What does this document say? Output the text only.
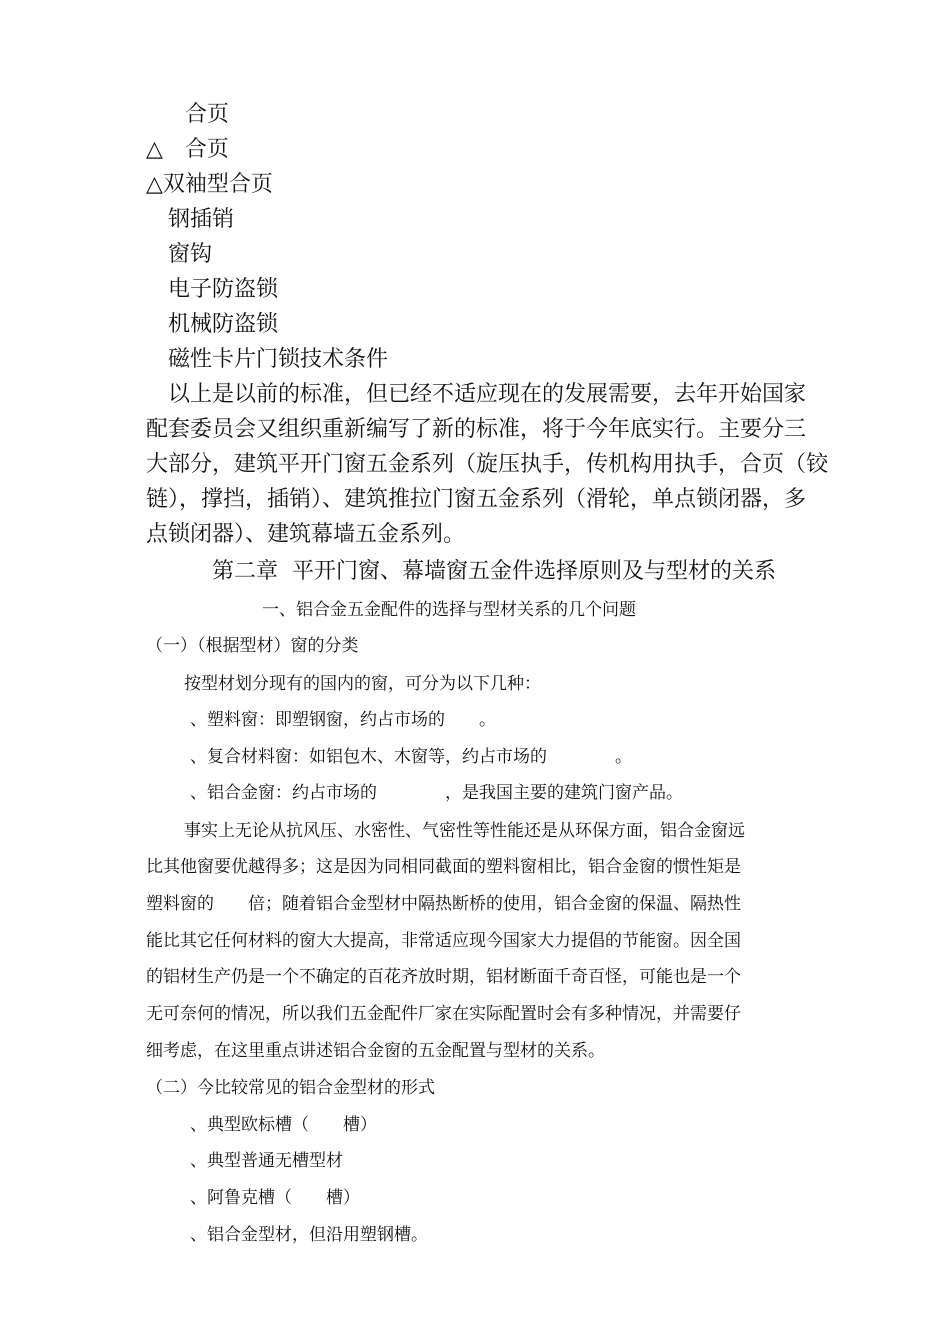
合页
△　合页
△双袖型合页
钢插销
窗钩
电子防盗锁
机械防盗锁
磁性卡片门锁技术条件
以上是以前的标准，但已经不适应现在的发展需要，去年开始国家
配套委员会又组织重新编写了新的标准，将于今年底实行。主要分三
大部分，建筑平开门窗五金系列（旋压执手，传机构用执手，合页（铰
链），撑挡，插销）、建筑推拉门窗五金系列（滑轮，单点锁闭器，多
点锁闭器）、建筑幕墙五金系列。
第二章  平开门窗、幕墙窗五金件选择原则及与型材的关系
一、铝合金五金配件的选择与型材关系的几个问题
（一）（根据型材）窗的分类
按型材划分现有的国内的窗，可分为以下几种：
、塑料窗：即塑钢窗，约占市场的　　。
、复合材料窗：如铝包木、木窗等，约占市场的　　　　。
、铝合金窗：约占市场的　　　　，是我国主要的建筑门窗产品。
事实上无论从抗风压、水密性、气密性等性能还是从环保方面，铝合金窗远
比其他窗要优越得多；这是因为同相同截面的塑料窗相比，铝合金窗的惯性矩是
塑料窗的　　倍；随着铝合金型材中隔热断桥的使用，铝合金窗的保温、隔热性
能比其它任何材料的窗大大提高，非常适应现今国家大力提倡的节能窗。因全国
的铝材生产仍是一个不确定的百花齐放时期，铝材断面千奇百怪，可能也是一个
无可奈何的情况，所以我们五金配件厂家在实际配置时会有多种情况，并需要仔
细考虑，在这里重点讲述铝合金窗的五金配置与型材的关系。
（二）今比较常见的铝合金型材的形式
、典型欧标槽（　　槽）
、典型普通无槽型材
、阿鲁克槽（　　槽）
、铝合金型材，但沿用塑钢槽。
